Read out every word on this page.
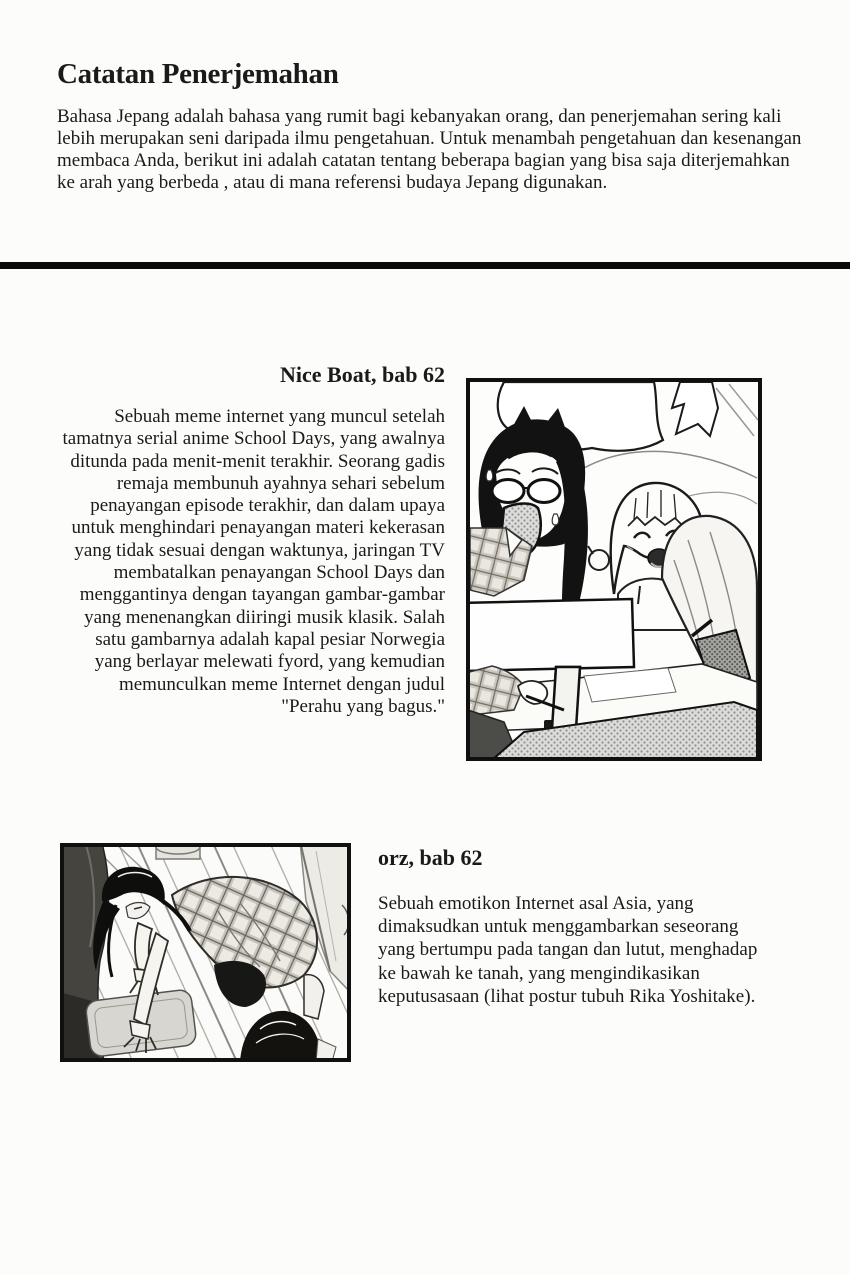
Catatan Penerjemahan

Bahasa Jepang adalah bahasa yang rumit bagi kebanyakan orang, dan penerjemahan sering kali lebih merupakan seni daripada ilmu pengetahuan. Untuk menambah pengetahuan dan kesenangan membaca Anda, berikut ini adalah catatan tentang beberapa bagian yang bisa saja diterjemahkan ke arah yang berbeda , atau di mana referensi budaya Jepang digunakan.

Nice Boat, bab 62

Sebuah meme internet yang muncul setelah tamatnya serial anime School Days, yang awalnya ditunda pada menit-menit terakhir. Seorang gadis remaja membunuh ayahnya sehari sebelum penayangan episode terakhir, dan dalam upaya untuk menghindari penayangan materi kekerasan yang tidak sesuai dengan waktunya, jaringan TV membatalkan penayangan School Days dan menggantinya dengan tayangan gambar-gambar yang menenangkan diiringi musik klasik. Salah satu gambarnya adalah kapal pesiar Norwegia yang berlayar melewati fyord, yang kemudian memunculkan meme Internet dengan judul "Perahu yang bagus."

orz, bab 62

Sebuah emotikon Internet asal Asia, yang dimaksudkan untuk menggambarkan seseorang yang bertumpu pada tangan dan lutut, menghadap ke bawah ke tanah, yang mengindikasikan keputusasaan (lihat postur tubuh Rika Yoshitake).
